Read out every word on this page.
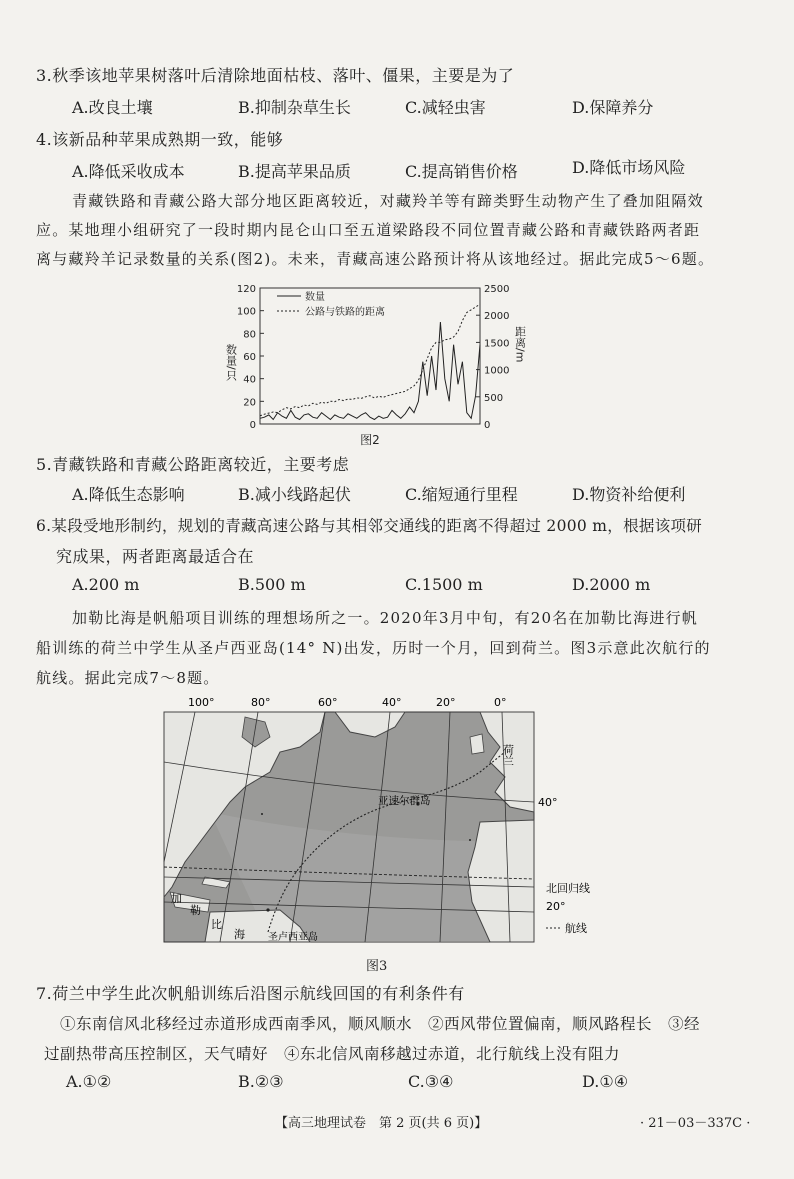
3.秋季该地苹果树落叶后清除地面枯枝、落叶、僵果，主要是为了
A.改良土壤	B.抑制杂草生长	C.减轻虫害	D.保障养分
4.该新品种苹果成熟期一致，能够
A.降低采收成本	B.提高苹果品质	C.提高销售价格	D.降低市场风险
青藏铁路和青藏公路大部分地区距离较近，对藏羚羊等有蹄类野生动物产生了叠加阻隔效
应。某地理小组研究了一段时期内昆仑山口至五道梁路段不同位置青藏公路和青藏铁路两者距
离与藏羚羊记录数量的关系(图2)。未来，青藏高速公路预计将从该地经过。据此完成5～6题。
0
20
40
60
80
100
120
0
500
1000
1500
2000
2500
数量/只	距离/m
数量
公路与铁路的距离
图2
5.青藏铁路和青藏公路距离较近，主要考虑
A.降低生态影响	B.减小线路起伏	C.缩短通行里程	D.物资补给便利
6.某段受地形制约，规划的青藏高速公路与其相邻交通线的距离不得超过 2000 m，根据该项研
究成果，两者距离最适合在
A.200 m	B.500 m	C.1500 m	D.2000 m
加勒比海是帆船项目训练的理想场所之一。2020年3月中旬，有20名在加勒比海进行帆
船训练的荷兰中学生从圣卢西亚岛(14° N)出发，历时一个月，回到荷兰。图3示意此次航行的
航线。据此完成7～8题。
100°	80°	60°	40°	20°	0°
荷兰
亚速尔群岛
加
勒
比
海 圣卢西亚岛
40°
北回归线
20°
航线
图3
7.荷兰中学生此次帆船训练后沿图示航线回国的有利条件有
①东南信风北移经过赤道形成西南季风，顺风顺水　②西风带位置偏南，顺风路程长　③经
过副热带高压控制区，天气晴好　④东北信风南移越过赤道，北行航线上没有阻力
A.①②	B.②③	C.③④	D.①④
【高三地理试卷　第 2 页(共 6 页)】	· 21－03－337C ·
